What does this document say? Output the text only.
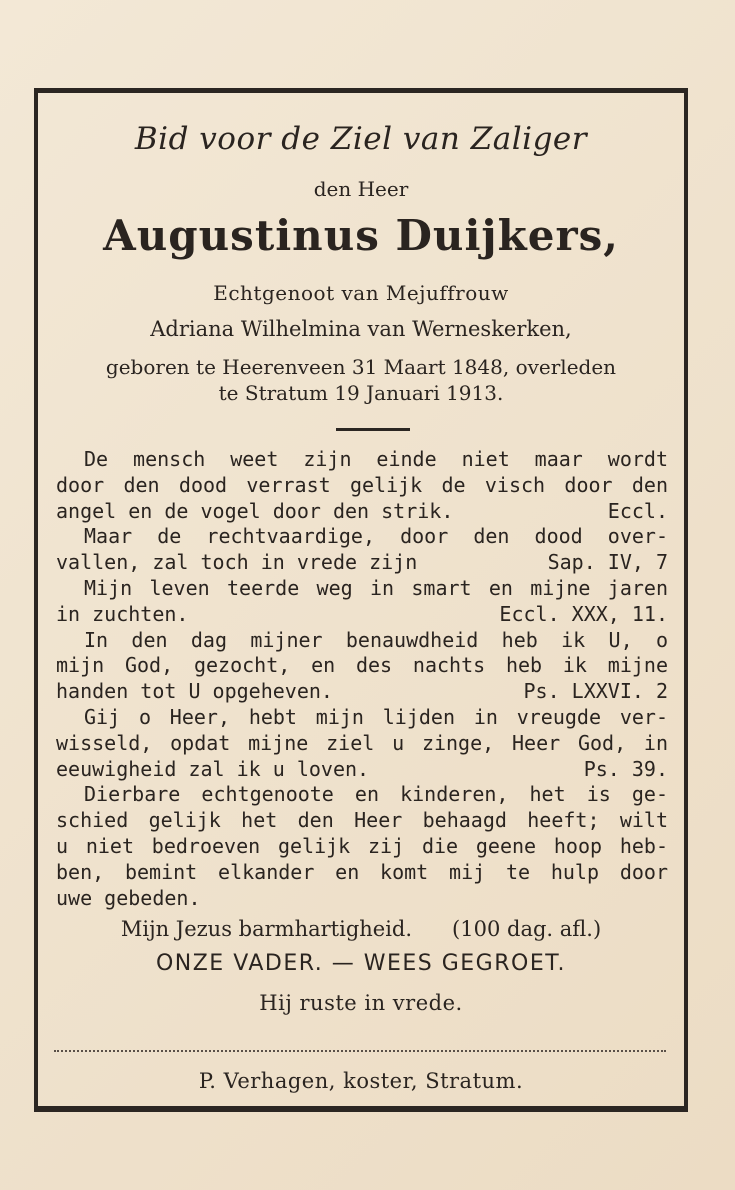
Bid voor de Ziel van Zaliger
den Heer
Augustinus Duijkers,
Echtgenoot van Mejuffrouw
Adriana Wilhelmina van Werneskerken,
geboren te Heerenveen 31 Maart 1848, overleden
te Stratum 19 Januari 1913.
De mensch weet zijn einde niet maar wordt
door den dood verrast gelijk de visch door den
angel en de vogel door den strik.	Eccl.
Maar de rechtvaardige, door den dood over-
vallen, zal toch in vrede zijn	Sap. IV, 7
Mijn leven teerde weg in smart en mijne jaren
in zuchten.	Eccl. XXX, 11.
In den dag mijner benauwdheid heb ik U, o
mijn God, gezocht, en des nachts heb ik mijne
handen tot U opgeheven.	Ps. LXXVI. 2
Gij o Heer, hebt mijn lijden in vreugde ver-
wisseld, opdat mijne ziel u zinge, Heer God, in
eeuwigheid zal ik u loven.	Ps. 39.
Dierbare echtgenoote en kinderen, het is ge-
schied gelijk het den Heer behaagd heeft; wilt
u niet bedroeven gelijk zij die geene hoop heb-
ben, bemint elkander en komt mij te hulp door
uwe gebeden.
Mijn Jezus barmhartigheid. (100 dag. afl.)
ONZE VADER. — WEES GEGROET.
Hij ruste in vrede.
P. Verhagen, koster, Stratum.
